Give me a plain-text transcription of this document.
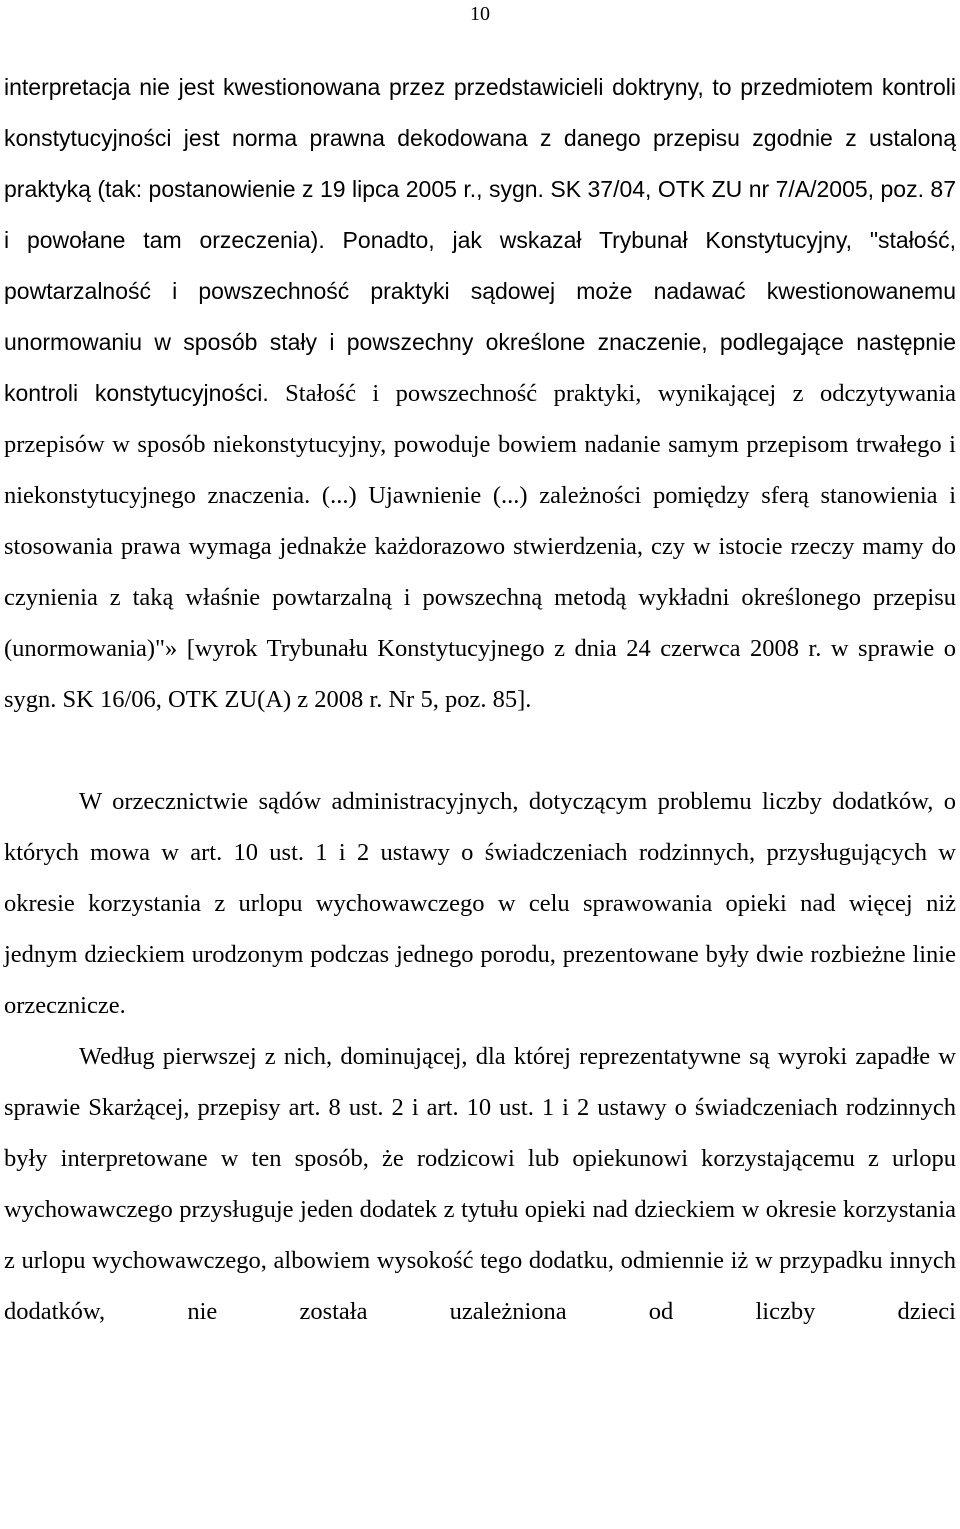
10

interpretacja nie jest kwestionowana przez przedstawicieli doktryny, to przedmiotem kontroli konstytucyjności jest norma prawna dekodowana z danego przepisu zgodnie z ustaloną praktyką (tak: postanowienie z 19 lipca 2005 r., sygn. SK 37/04, OTK ZU nr 7/A/2005, poz. 87 i powołane tam orzeczenia). Ponadto, jak wskazał Trybunał Konstytucyjny, "stałość, powtarzalność i powszechność praktyki sądowej może nadawać kwestionowanemu unormowaniu w sposób stały i powszechny określone znaczenie, podlegające następnie kontroli konstytucyjności. Stałość i powszechność praktyki, wynikającej z odczytywania przepisów w sposób niekonstytucyjny, powoduje bowiem nadanie samym przepisom trwałego i niekonstytucyjnego znaczenia. (...) Ujawnienie (...) zależności pomiędzy sferą stanowienia i stosowania prawa wymaga jednakże każdorazowo stwierdzenia, czy w istocie rzeczy mamy do czynienia z taką właśnie powtarzalną i powszechną metodą wykładni określonego przepisu (unormowania)"» [wyrok Trybunału Konstytucyjnego z dnia 24 czerwca 2008 r. w sprawie o sygn. SK 16/06, OTK ZU(A) z 2008 r. Nr 5, poz. 85].

W orzecznictwie sądów administracyjnych, dotyczącym problemu liczby dodatków, o których mowa w art. 10 ust. 1 i 2 ustawy o świadczeniach rodzinnych, przysługujących w okresie korzystania z urlopu wychowawczego w celu sprawowania opieki nad więcej niż jednym dzieckiem urodzonym podczas jednego porodu, prezentowane były dwie rozbieżne linie orzecznicze.

Według pierwszej z nich, dominującej, dla której reprezentatywne są wyroki zapadłe w sprawie Skarżącej, przepisy art. 8 ust. 2 i art. 10 ust. 1 i 2 ustawy o świadczeniach rodzinnych były interpretowane w ten sposób, że rodzicowi lub opiekunowi korzystającemu z urlopu wychowawczego przysługuje jeden dodatek z tytułu opieki nad dzieckiem w okresie korzystania z urlopu wychowawczego, albowiem wysokość tego dodatku, odmiennie iż w przypadku innych dodatków, nie została uzależniona od liczby dzieci
